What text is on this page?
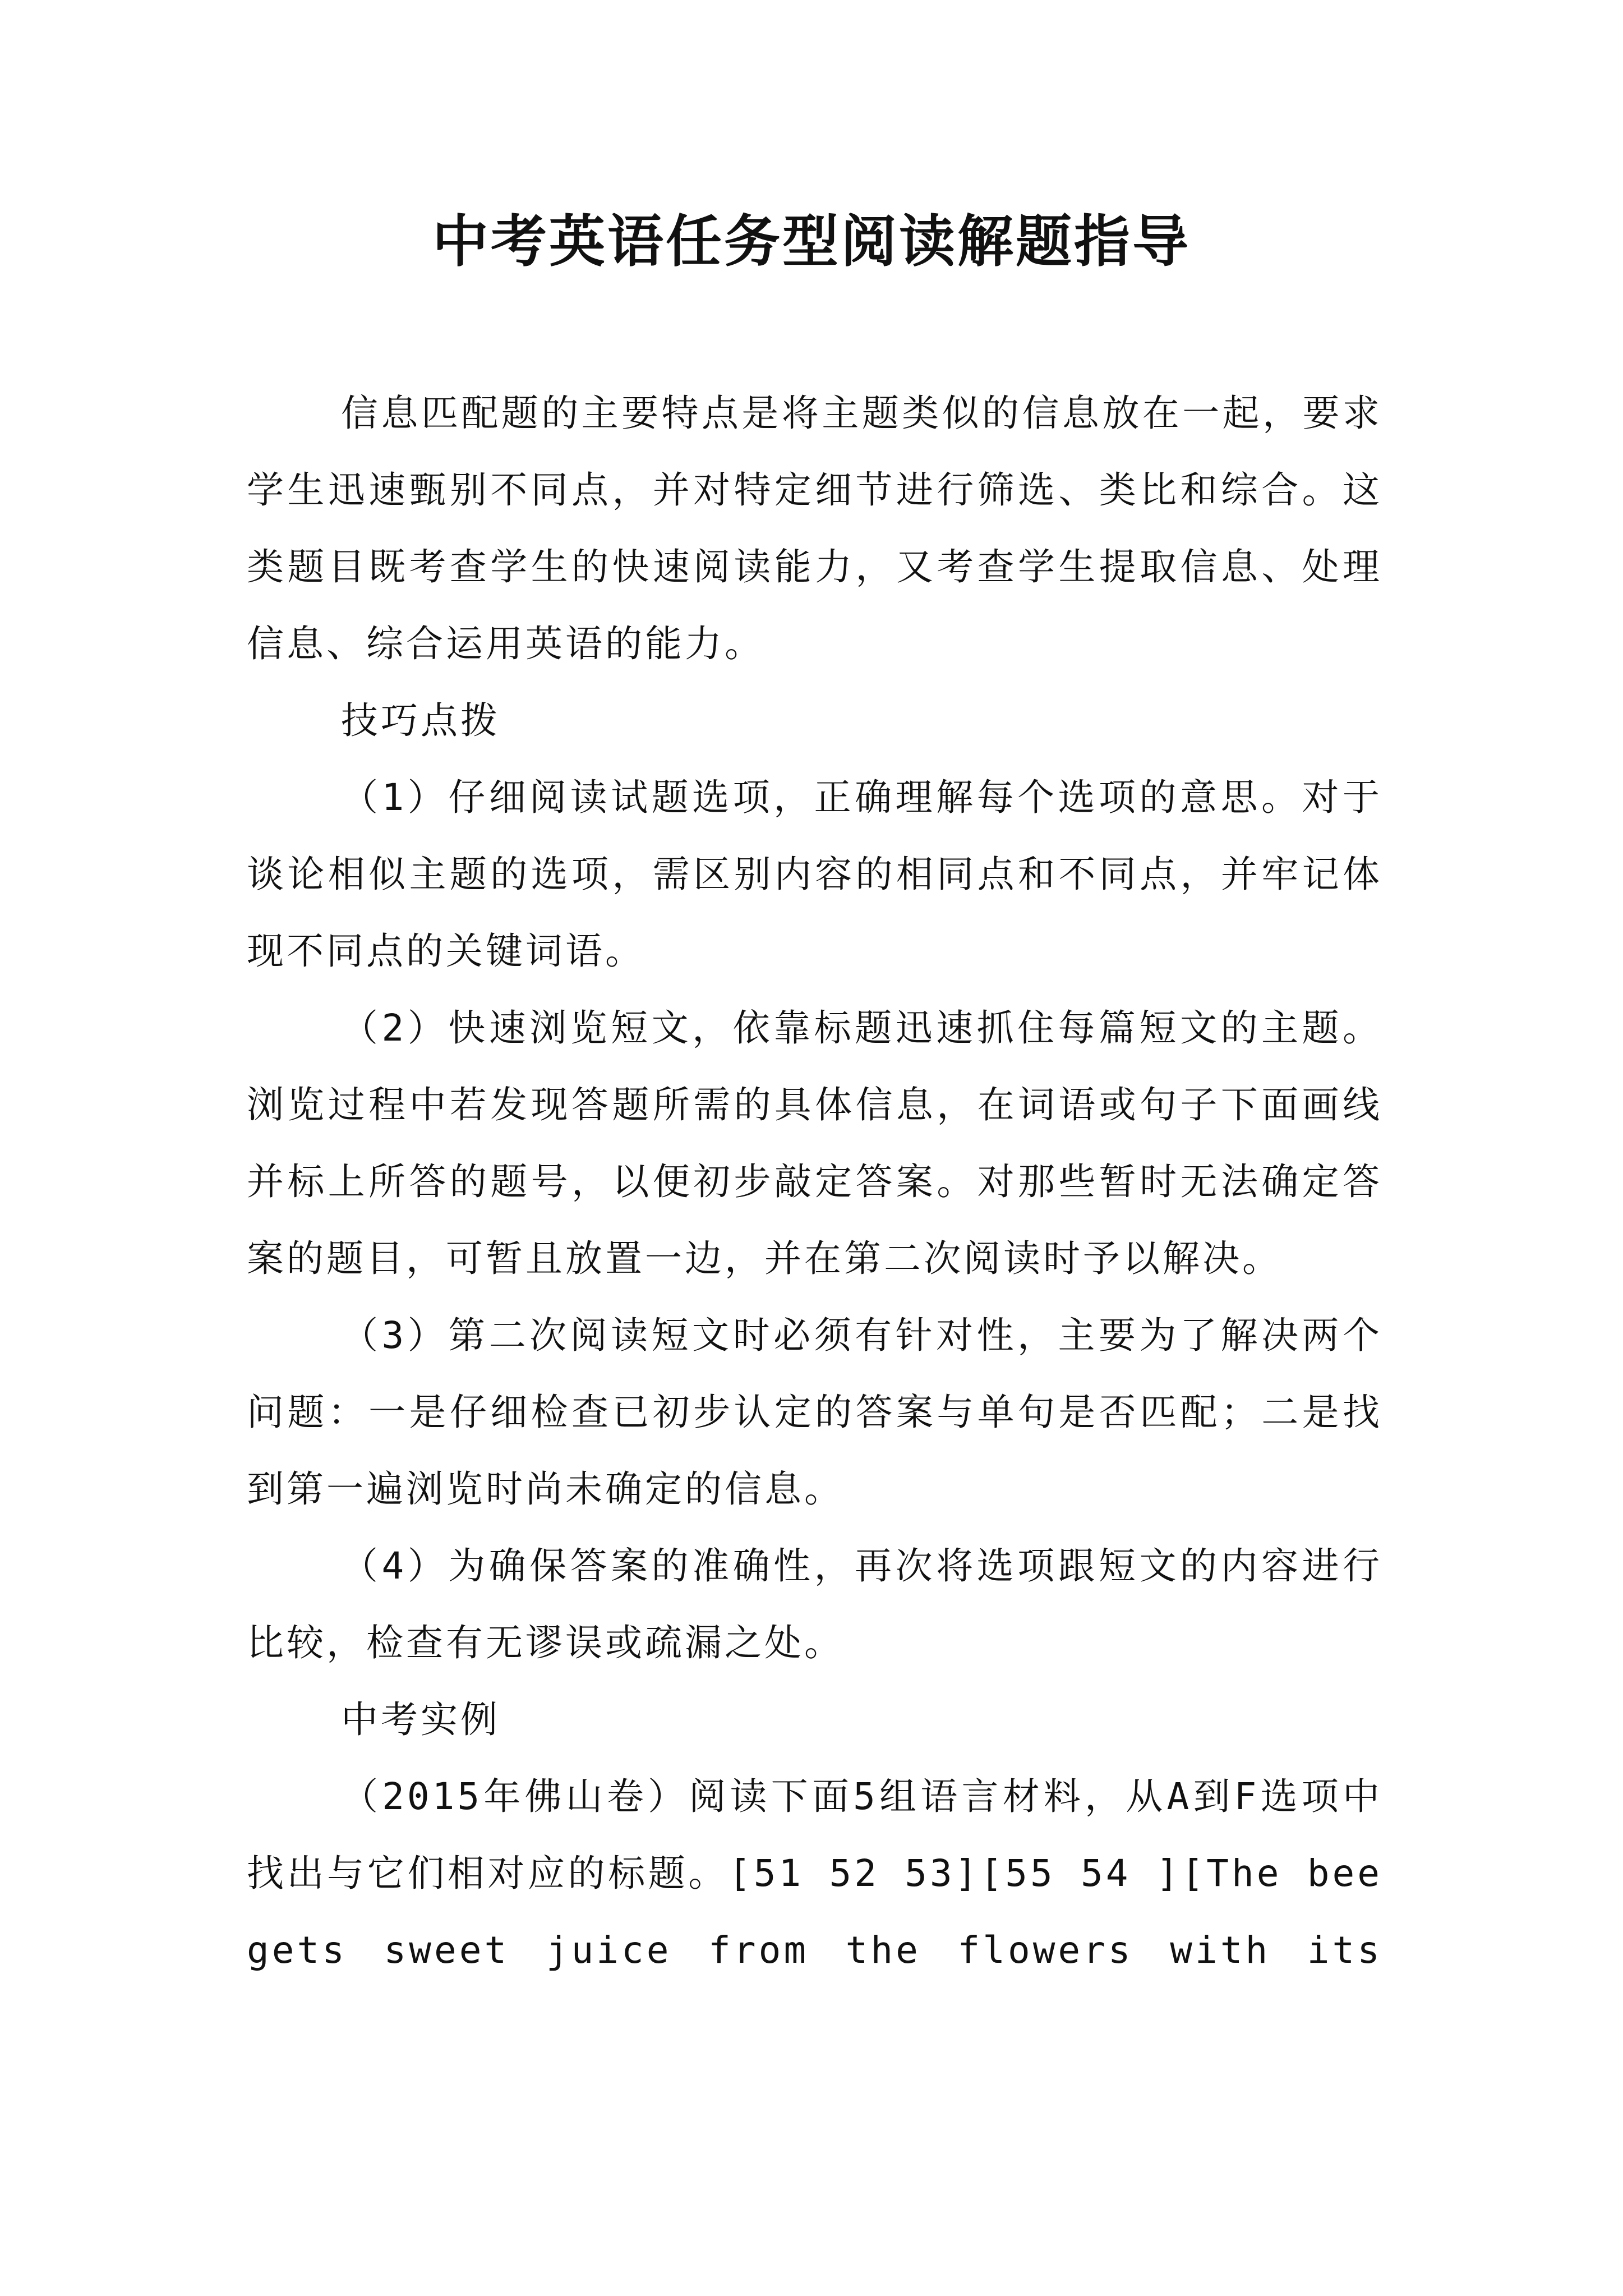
中考英语任务型阅读解题指导

信息匹配题的主要特点是将主题类似的信息放在一起，要求学生迅速甄别不同点，并对特定细节进行筛选、类比和综合。这类题目既考查学生的快速阅读能力，又考查学生提取信息、处理信息、综合运用英语的能力。

技巧点拨

（1）仔细阅读试题选项，正确理解每个选项的意思。对于谈论相似主题的选项，需区别内容的相同点和不同点，并牢记体现不同点的关键词语。

（2）快速浏览短文，依靠标题迅速抓住每篇短文的主题。浏览过程中若发现答题所需的具体信息，在词语或句子下面画线并标上所答的题号，以便初步敲定答案。对那些暂时无法确定答案的题目，可暂且放置一边，并在第二次阅读时予以解决。

（3）第二次阅读短文时必须有针对性，主要为了解决两个问题：一是仔细检查已初步认定的答案与单句是否匹配；二是找到第一遍浏览时尚未确定的信息。

（4）为确保答案的准确性，再次将选项跟短文的内容进行比较，检查有无谬误或疏漏之处。

中考实例

（2015年佛山卷）阅读下面5组语言材料，从A到F选项中找出与它们相对应的标题。[51 52 53][55 54 ][The bee gets sweet juice from the flowers with its
